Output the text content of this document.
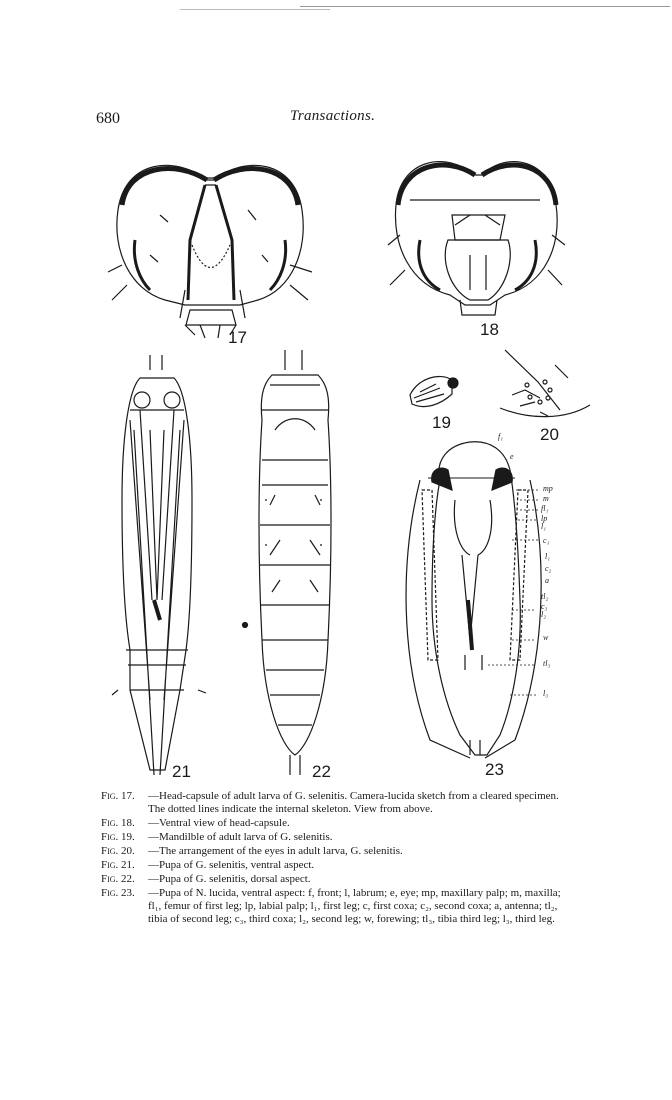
680	Transactions.
17	18
19
20
21	22	23
f₁
e
mp
m
fl₁
lp
l₁
c₁
l₁
c₂
a
tl₂
c₃
l₂
w
tl₃
l₃

Fig. 17. —Head-capsule of adult larva of G. selenitis. Camera-lucida sketch from a cleared specimen. The dotted lines indicate the internal skeleton. View from above.

Fig. 18. —Ventral view of head-capsule.

Fig. 19. —Mandilble of adult larva of G. selenitis.

Fig. 20. —The arrangement of the eyes in adult larva, G. selenitis.

Fig. 21. —Pupa of G. selenitis, ventral aspect.

Fig. 22. —Pupa of G. selenitis, dorsal aspect.

Fig. 23. —Pupa of N. lucida, ventral aspect: f, front; l, labrum; e, eye; mp, maxillary palp; m, maxilla; fl₁, femur of first leg; lp, labial palp; l₁, first leg; c, first coxa; c₂, second coxa; a, antenna; tl₂, tibia of second leg; c₃, third coxa; l₂, second leg; w, forewing; tl₃, tibia third leg; l₃, third leg.
